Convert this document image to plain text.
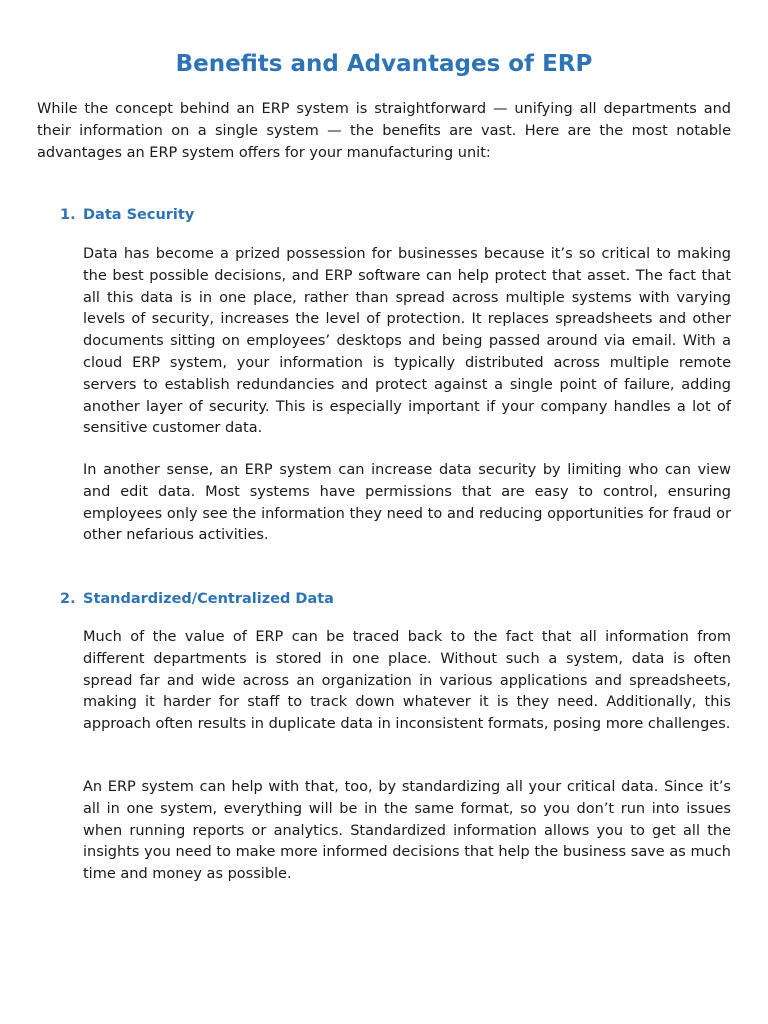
Benefits and Advantages of ERP

While the concept behind an ERP system is straightforward — unifying all departments and their information on a single system — the benefits are vast. Here are the most notable advantages an ERP system offers for your manufacturing unit:

1. Data Security

Data has become a prized possession for businesses because it’s so critical to making the best possible decisions, and ERP software can help protect that asset. The fact that all this data is in one place, rather than spread across multiple systems with varying levels of security, increases the level of protection. It replaces spreadsheets and other documents sitting on employees’ desktops and being passed around via email. With a cloud ERP system, your information is typically distributed across multiple remote servers to establish redundancies and protect against a single point of failure, adding another layer of security. This is especially important if your company handles a lot of sensitive customer data.

In another sense, an ERP system can increase data security by limiting who can view and edit data. Most systems have permissions that are easy to control, ensuring employees only see the information they need to and reducing opportunities for fraud or other nefarious activities.

2. Standardized/Centralized Data

Much of the value of ERP can be traced back to the fact that all information from different departments is stored in one place. Without such a system, data is often spread far and wide across an organization in various applications and spreadsheets, making it harder for staff to track down whatever it is they need. Additionally, this approach often results in duplicate data in inconsistent formats, posing more challenges.

An ERP system can help with that, too, by standardizing all your critical data. Since it’s all in one system, everything will be in the same format, so you don’t run into issues when running reports or analytics. Standardized information allows you to get all the insights you need to make more informed decisions that help the business save as much time and money as possible.
